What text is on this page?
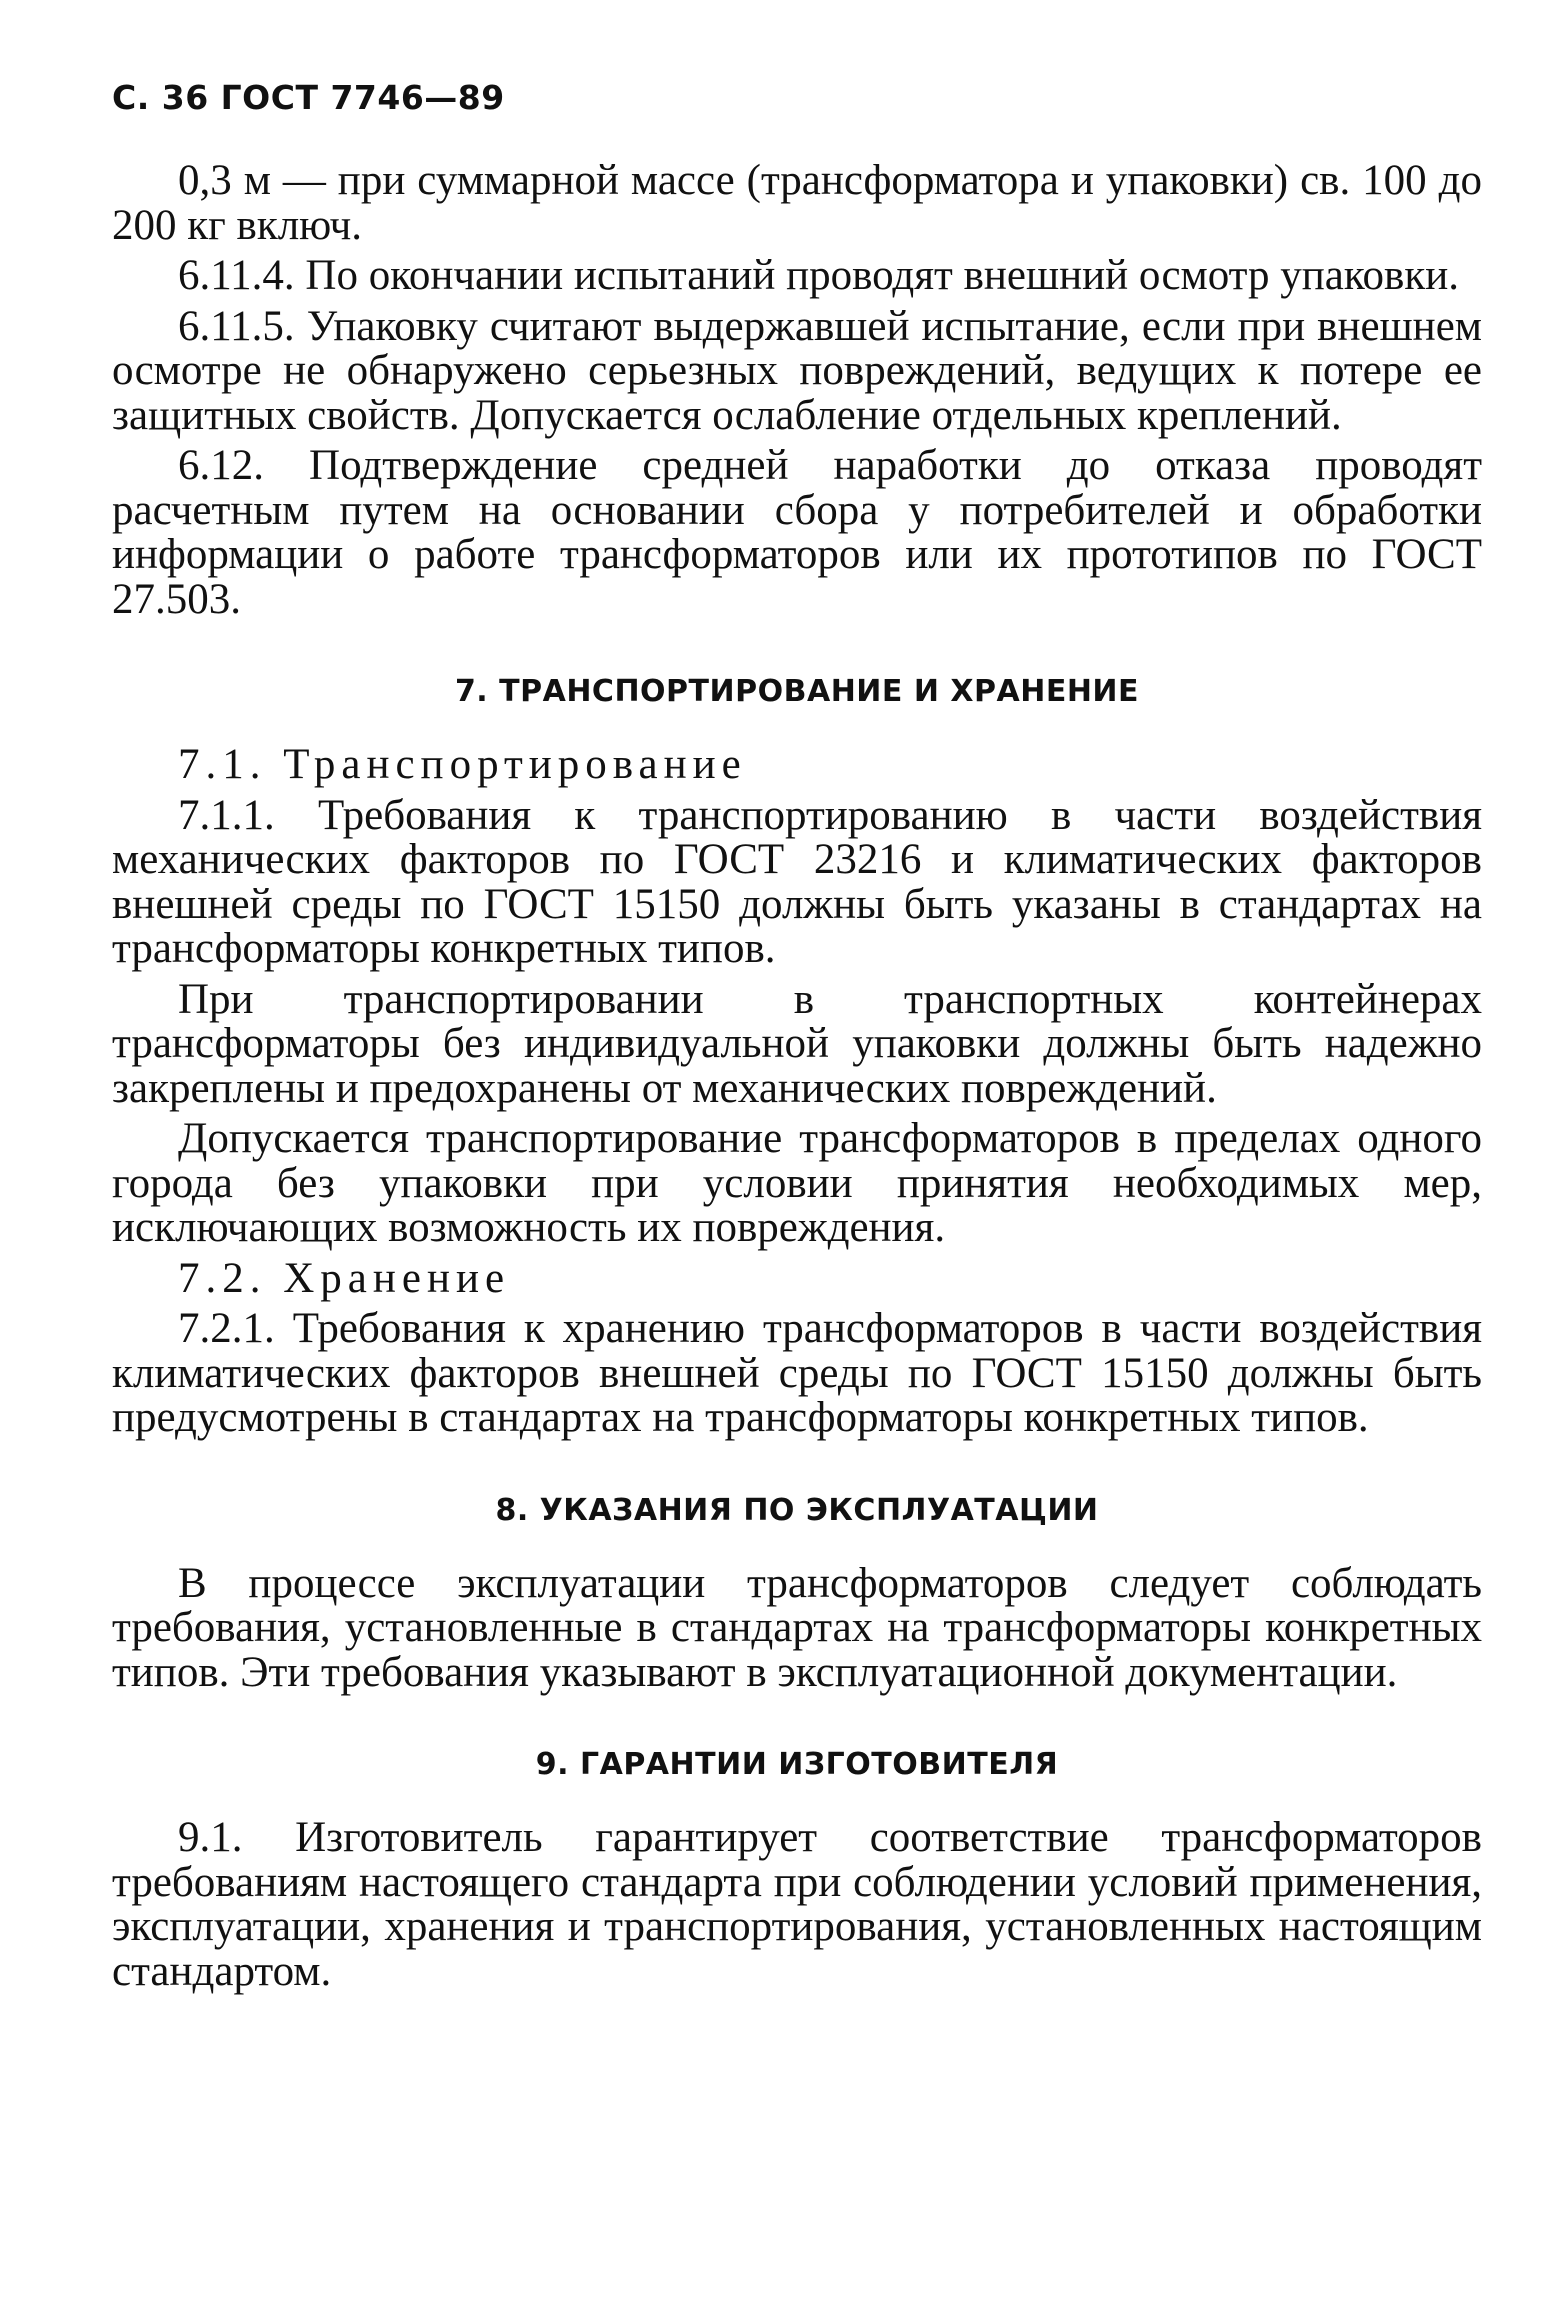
С. 36 ГОСТ 7746—89

0,3 м — при суммарной массе (трансформатора и упаковки) св. 100 до 200 кг включ.

6.11.4. По окончании испытаний проводят внешний осмотр упаковки.

6.11.5. Упаковку считают выдержавшей испытание, если при внешнем осмотре не обнаружено серьезных повреждений, ведущих к потере ее защитных свойств. Допускается ослабление отдельных креплений.

6.12. Подтверждение средней наработки до отказа проводят расчетным путем на основании сбора у потребителей и обработки информации о работе трансформаторов или их прототипов по ГОСТ 27.503.

7. ТРАНСПОРТИРОВАНИЕ И ХРАНЕНИЕ
7.1. Транспортирование

7.1.1. Требования к транспортированию в части воздействия механических факторов по ГОСТ 23216 и климатических факторов внешней среды по ГОСТ 15150 должны быть указаны в стандартах на трансформаторы конкретных типов.

При транспортировании в транспортных контейнерах трансформаторы без индивидуальной упаковки должны быть надежно закреплены и предохранены от механических повреждений.

Допускается транспортирование трансформаторов в пределах одного города без упаковки при условии принятия необходимых мер, исключающих возможность их повреждения.

7.2. Хранение

7.2.1. Требования к хранению трансформаторов в части воздействия климатических факторов внешней среды по ГОСТ 15150 должны быть предусмотрены в стандартах на трансформаторы конкретных типов.

8. УКАЗАНИЯ ПО ЭКСПЛУАТАЦИИ

В процессе эксплуатации трансформаторов следует соблюдать требования, установленные в стандартах на трансформаторы конкретных типов. Эти требования указывают в эксплуатационной документации.

9. ГАРАНТИИ ИЗГОТОВИТЕЛЯ

9.1. Изготовитель гарантирует соответствие трансформаторов требованиям настоящего стандарта при соблюдении условий применения, эксплуатации, хранения и транспортирования, установленных настоящим стандартом.
